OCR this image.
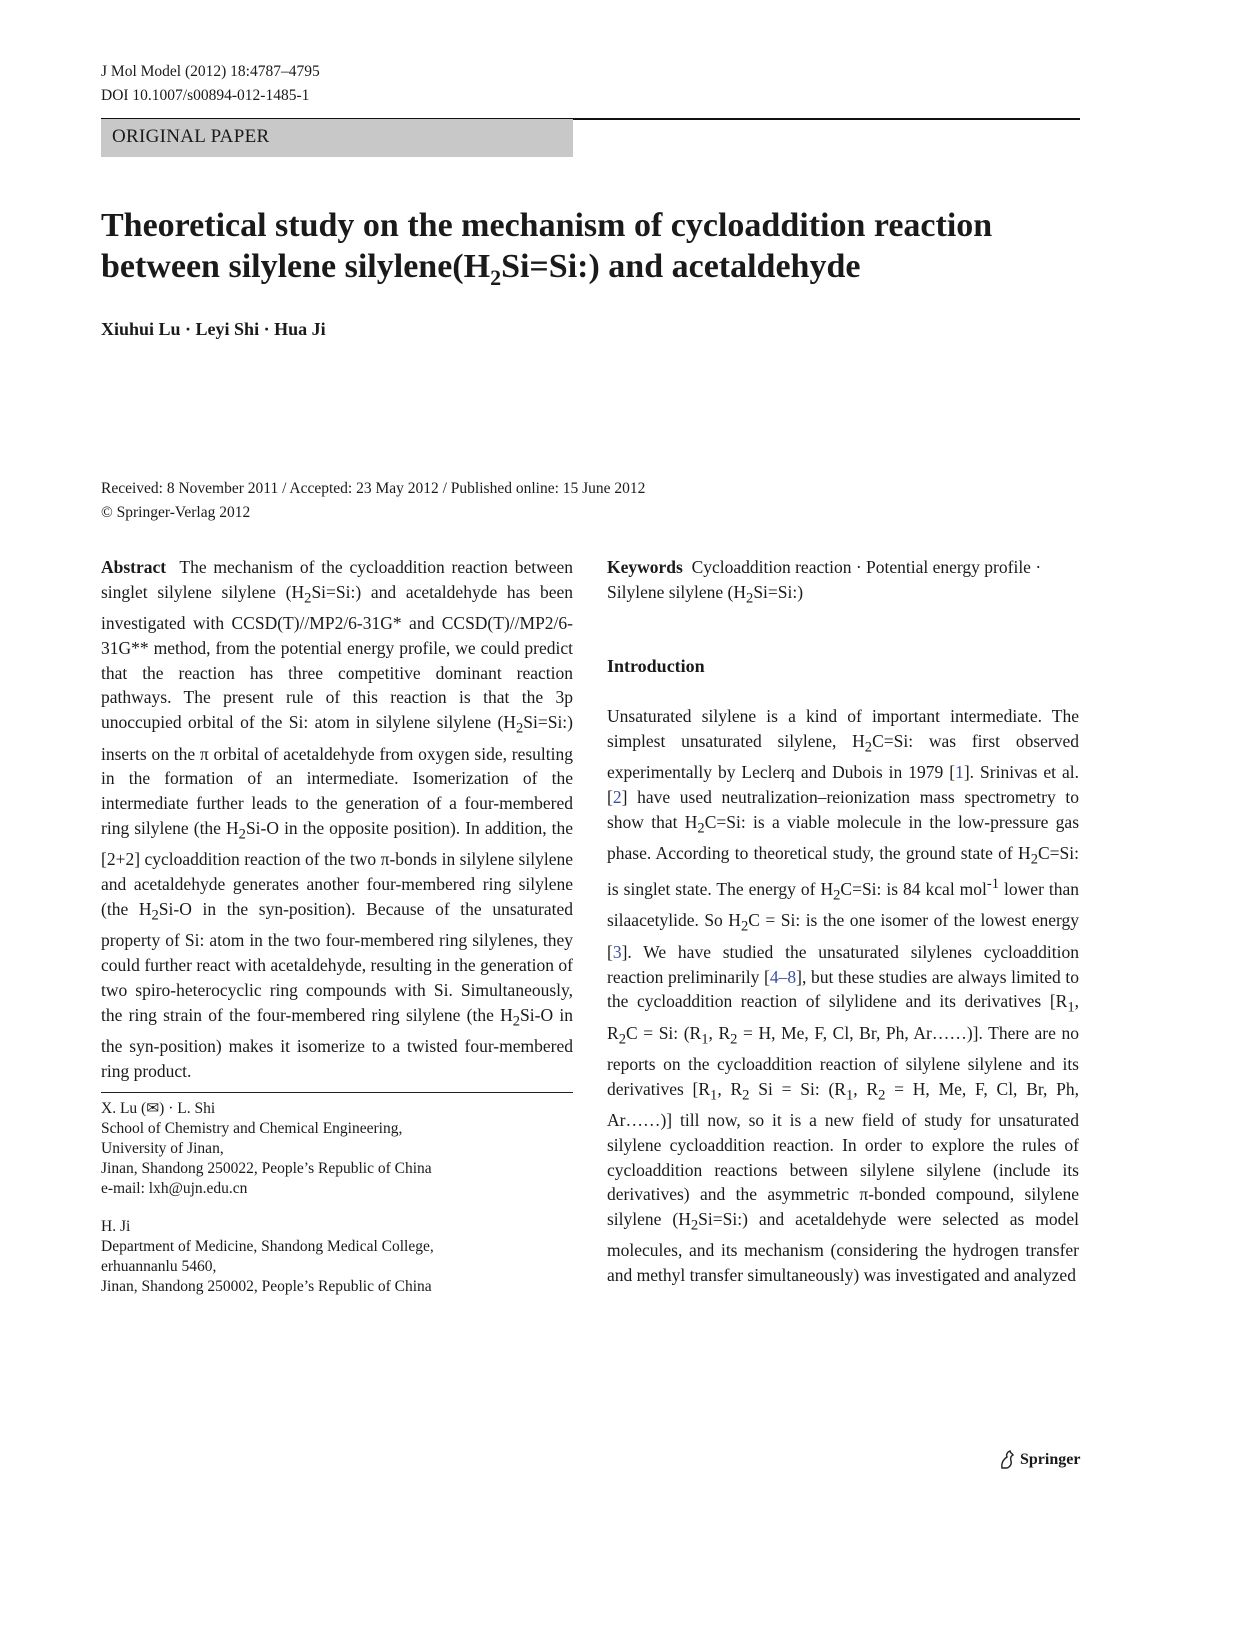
J Mol Model (2012) 18:4787–4795
DOI 10.1007/s00894-012-1485-1
ORIGINAL PAPER
Theoretical study on the mechanism of cycloaddition reaction
between silylene $silylene(H_2Si=Si:)$ and acetaldehyde
Xiuhui Lu · Leyi Shi · Hua Ji
Received: 8 November 2011 / Accepted: 23 May 2012 / Published online: 15 June 2012
© Springer-Verlag 2012
Abstract The mechanism of the cycloaddition reaction between singlet silylene silylene $(H_2Si=Si:)$ and acetaldehyde has been investigated with CCSD(T)//MP2/6-31G* and CCSD(T)//MP2/6-31G** method, from the potential energy profile, we could predict that the reaction has three competitive dominant reaction pathways. The present rule of this reaction is that the 3p unoccupied orbital of the Si: atom in silylene silylene $(H_2Si=Si:)$ inserts on the π orbital of acetaldehyde from oxygen side, resulting in the formation of an intermediate. Isomerization of the intermediate further leads to the generation of a four-membered ring silylene (the $H_2Si-O$ in the opposite position). In addition, the [2+2] cycloaddition reaction of the two π-bonds in silylene silylene and acetaldehyde generates another four-membered ring silylene (the $H_2Si-O$ in the syn-position). Because of the unsaturated property of Si: atom in the two four-membered ring silylenes, they could further react with acetaldehyde, resulting in the generation of two spiro-heterocyclic ring compounds with Si. Simultaneously, the ring strain of the four-membered ring silylene (the $H_2Si-O$ in the syn-position) makes it isomerize to a twisted four-membered ring product.
X. Lu (✉) · L. Shi
School of Chemistry and Chemical Engineering,
University of Jinan,
Jinan, Shandong 250022, People’s Republic of China
e-mail: lxh@ujn.edu.cn
H. Ji
Department of Medicine, Shandong Medical College,
erhuannanlu 5460,
Jinan, Shandong 250002, People’s Republic of China
Keywords Cycloaddition reaction · Potential energy profile · Silylene silylene $(H_2Si=Si:)$
Introduction
Unsaturated silylene is a kind of important intermediate. The simplest unsaturated silylene, $H_2C=Si$: was first observed experimentally by Leclerq and Dubois in 1979 [1]. Srinivas et al. [2] have used neutralization–reionization mass spectrometry to show that $H_2C=Si$: is a viable molecule in the low-pressure gas phase. According to theoretical study, the ground state of $H_2C=Si$: is singlet state. The energy of $H_2C=Si$: is 84 kcal mol$^{-1}$ lower than silaacetylide. So $H_2C = Si$: is the one isomer of the lowest energy [3]. We have studied the unsaturated silylenes cycloaddition reaction preliminarily [4–8], but these studies are always limited to the cycloaddition reaction of silylidene and its derivatives [$R_1$, $R_2C = Si$: ($R_1$, $R_2 = H$, Me, F, Cl, Br, Ph, Ar……)]. There are no reports on the cycloaddition reaction of silylene silylene and its derivatives [$R_1$, $R_2$ Si = Si: ($R_1$, $R_2 = H$, Me, F, Cl, Br, Ph, Ar……)] till now, so it is a new field of study for unsaturated silylene cycloaddition reaction. In order to explore the rules of cycloaddition reactions between silylene silylene (include its derivatives) and the asymmetric π-bonded compound, silylene silylene $(H_2Si=Si:)$ and acetaldehyde were selected as model molecules, and its mechanism (considering the hydrogen transfer and methyl transfer simultaneously) was investigated and analyzed
Springer
